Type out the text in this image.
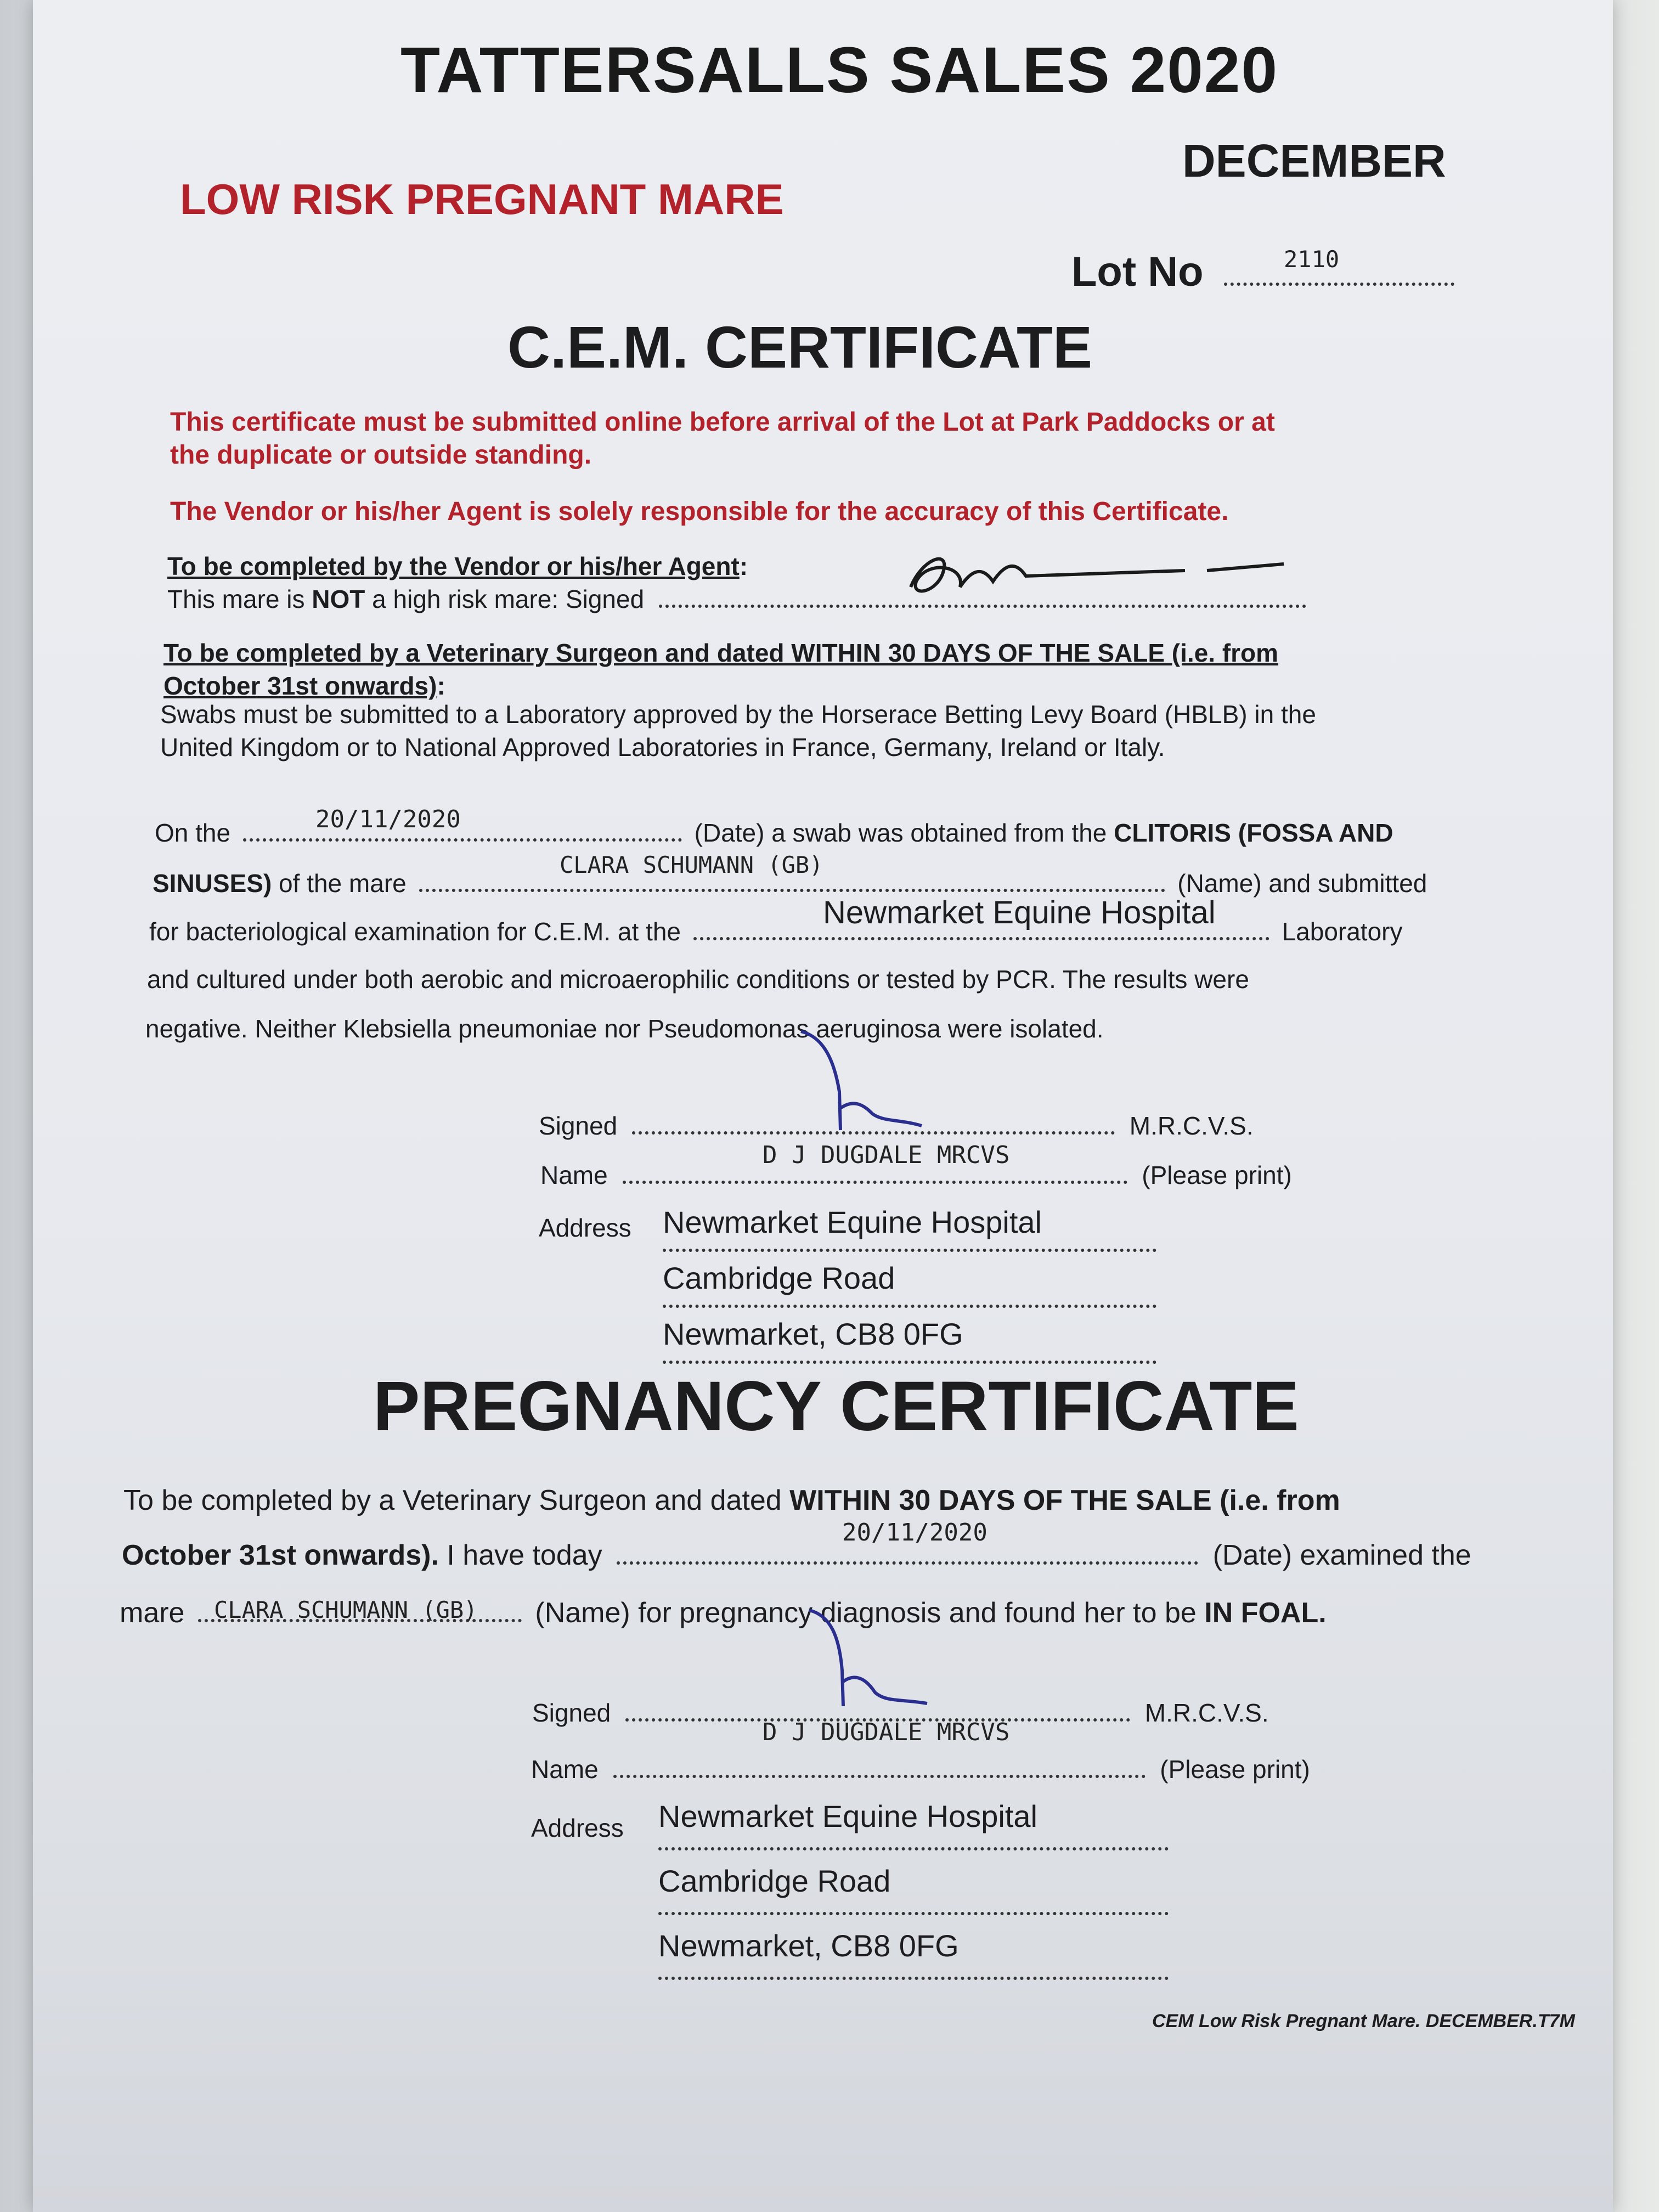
TATTERSALLS SALES 2020
DECEMBER
LOW RISK PREGNANT MARE
Lot No	2110
C.E.M. CERTIFICATE
This certificate must be submitted online before arrival of the Lot at Park Paddocks or at
the duplicate or outside standing.
The Vendor or his/her Agent is solely responsible for the accuracy of this Certificate.
To be completed by the Vendor or his/her Agent:
This mare is NOT a high risk mare: Signed
To be completed by a Veterinary Surgeon and dated WITHIN 30 DAYS OF THE SALE (i.e. from
October 31st onwards):
Swabs must be submitted to a Laboratory approved by the Horserace Betting Levy Board (HBLB) in the
United Kingdom or to National Approved Laboratories in France, Germany, Ireland or Italy.
On the	(Date) a swab was obtained from the CLITORIS (FOSSA AND
20/11/2020
SINUSES) of the mare	(Name) and submitted
CLARA SCHUMANN (GB)
for bacteriological examination for C.E.M. at the	Laboratory
Newmarket Equine Hospital
and cultured under both aerobic and microaerophilic conditions or tested by PCR. The results were
negative. Neither Klebsiella pneumoniae nor Pseudomonas aeruginosa were isolated.
Signed	M.R.C.V.S.
Name	(Please print)
D J DUGDALE MRCVS
Address Newmarket Equine Hospital
Cambridge Road
Newmarket, CB8 0FG
PREGNANCY CERTIFICATE
To be completed by a Veterinary Surgeon and dated WITHIN 30 DAYS OF THE SALE (i.e. from
October 31st onwards). I have today	(Date) examined the
20/11/2020
mare	(Name) for pregnancy diagnosis and found her to be IN FOAL.
CLARA SCHUMANN (GB)
Signed	M.R.C.V.S.
Name	(Please print)
D J DUGDALE MRCVS
Address Newmarket Equine Hospital
Cambridge Road
Newmarket, CB8 0FG
CEM Low Risk Pregnant Mare. DECEMBER.T7M
